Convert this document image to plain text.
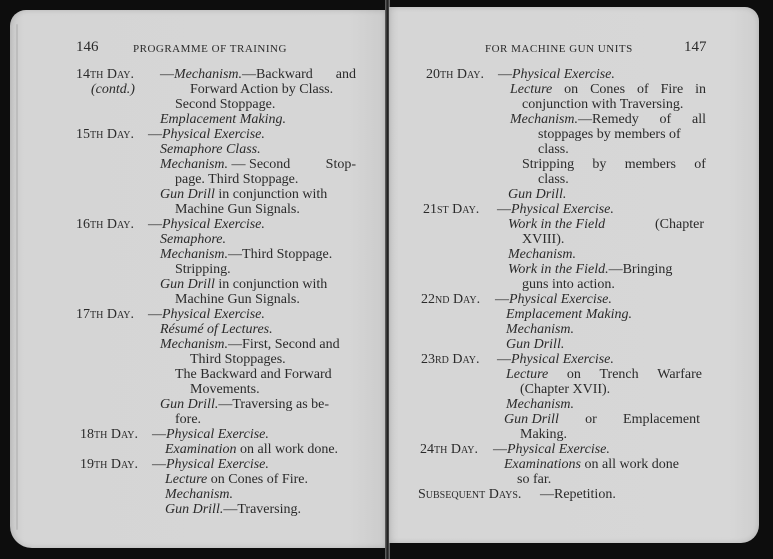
146	PROGRAMME OF TRAINING
14th Day.
(contd.)
—Mechanism.—Backward and
Forward Action by Class.
Second Stoppage.
Emplacement Making.
15th Day. —Physical Exercise.
Semaphore Class.
Mechanism. — Second	Stop-
page. Third Stoppage.
Gun Drill in conjunction with
Machine Gun Signals.
16th Day. —Physical Exercise.
Semaphore.
Mechanism.—Third Stoppage.
Stripping.
Gun Drill in conjunction with
Machine Gun Signals.
17th Day. —Physical Exercise.
Résumé of Lectures.
Mechanism.—First, Second and
Third Stoppages.
The Backward and Forward
Movements.
Gun Drill.—Traversing as be-
fore.
18th Day. —Physical Exercise.
Examination on all work done.
19th Day. —Physical Exercise.
Lecture on Cones of Fire.
Mechanism.
Gun Drill.—Traversing.
FOR MACHINE GUN UNITS	147
20th Day. —Physical Exercise.
Lecture on Cones of Fire in
conjunction with Traversing.
Mechanism.—Remedy of all
stoppages by members of
class.
Stripping by members of
class.
Gun Drill.
21st Day. —Physical Exercise.
Work in the Field	(Chapter
XVIII).
Mechanism.
Work in the Field.—Bringing
guns into action.
22nd Day. —Physical Exercise.
Emplacement Making.
Mechanism.
Gun Drill.
23rd Day. —Physical Exercise.
Lecture on Trench Warfare
(Chapter XVII).
Mechanism.
Gun Drill or Emplacement
Making.
24th Day. —Physical Exercise.
Examinations on all work done
so far.
Subsequent Days. —Repetition.
